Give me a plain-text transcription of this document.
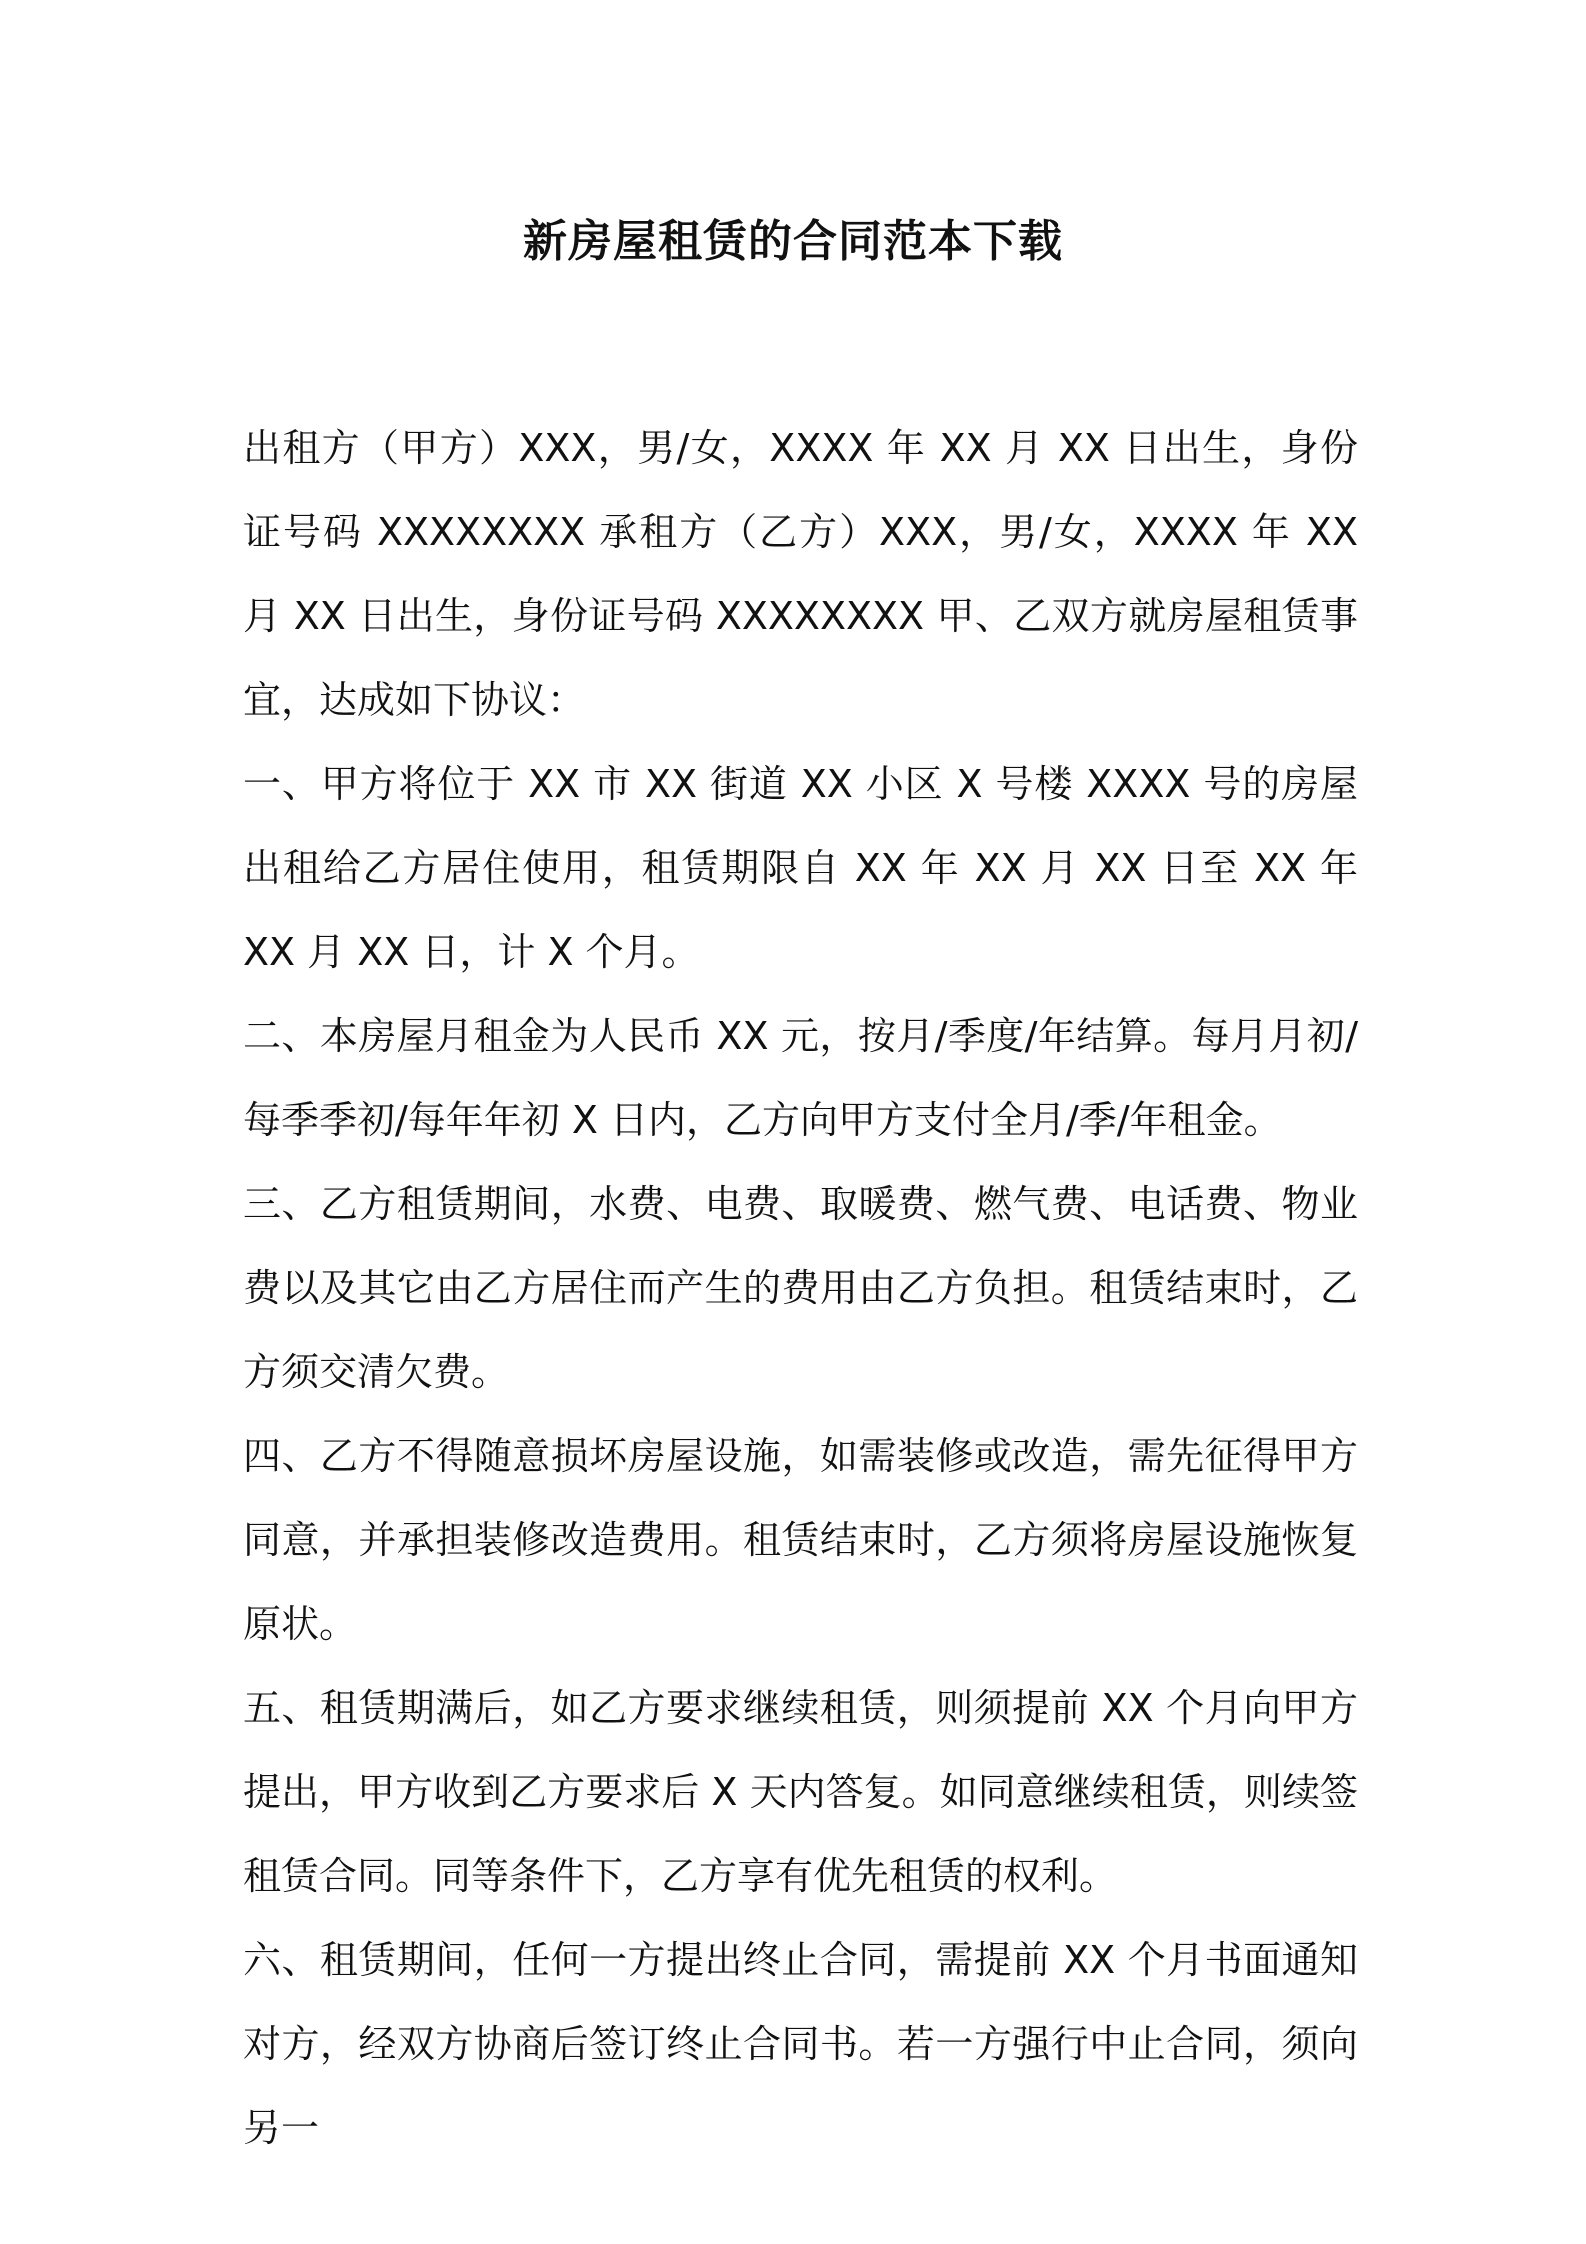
新房屋租赁的合同范本下载

出租方（甲方）XXX，男/女，XXXX 年 XX 月 XX 日出生，身份证号码 XXXXXXXX 承租方（乙方）XXX，男/女，XXXX 年 XX 月 XX 日出生，身份证号码 XXXXXXXX 甲、乙双方就房屋租赁事宜，达成如下协议：

一、甲方将位于 XX 市 XX 街道 XX 小区 X 号楼 XXXX 号的房屋出租给乙方居住使用，租赁期限自 XX 年 XX 月 XX 日至 XX 年 XX 月 XX 日，计 X 个月。

二、本房屋月租金为人民币 XX 元，按月/季度/年结算。每月月初/每季季初/每年年初 X 日内，乙方向甲方支付全月/季/年租金。

三、乙方租赁期间，水费、电费、取暖费、燃气费、电话费、物业费以及其它由乙方居住而产生的费用由乙方负担。租赁结束时，乙方须交清欠费。

四、乙方不得随意损坏房屋设施，如需装修或改造，需先征得甲方同意，并承担装修改造费用。租赁结束时，乙方须将房屋设施恢复原状。

五、租赁期满后，如乙方要求继续租赁，则须提前 XX 个月向甲方提出，甲方收到乙方要求后 X 天内答复。如同意继续租赁，则续签租赁合同。同等条件下，乙方享有优先租赁的权利。

六、租赁期间，任何一方提出终止合同，需提前 XX 个月书面通知对方，经双方协商后签订终止合同书。若一方强行中止合同，须向另一
